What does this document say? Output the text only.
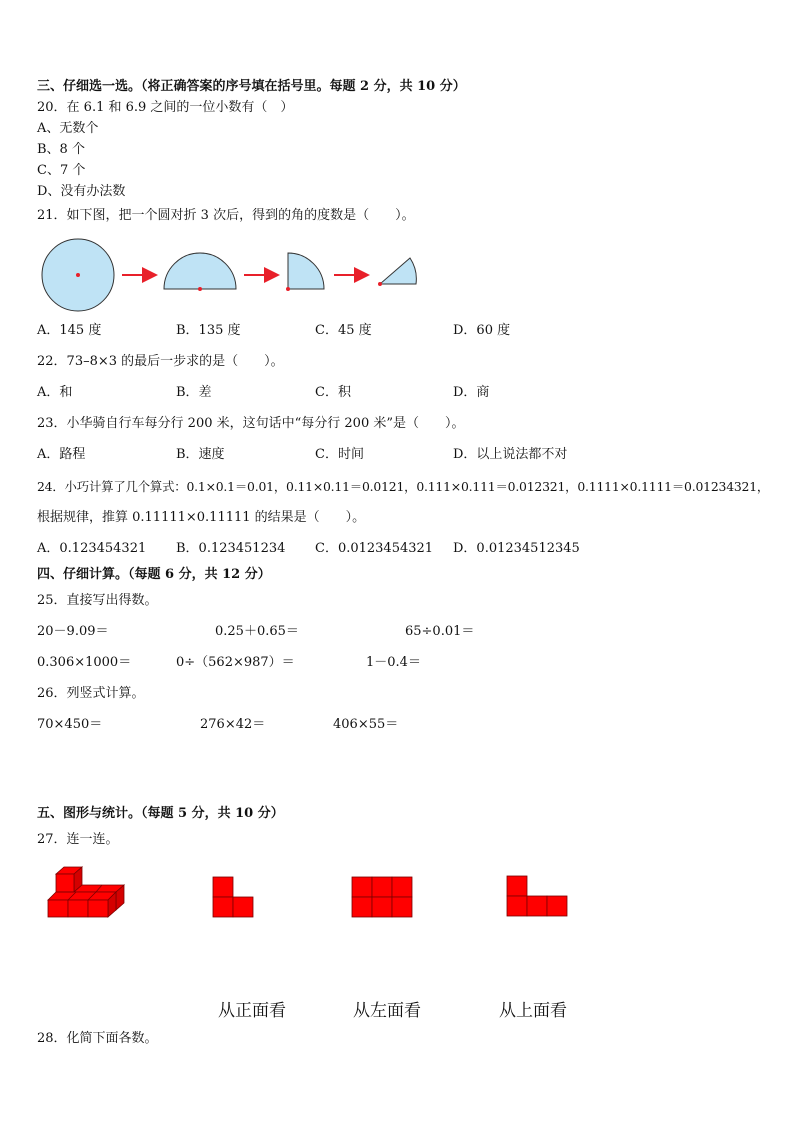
三、仔细选一选。（将正确答案的序号填在括号里。每题 2 分，共 10 分）
20．在 6.1 和 6.9 之间的一位小数有（　）
A、无数个
B、8 个
C、7 个
D、没有办法数
21．如下图，把一个圆对折 3 次后，得到的角的度数是（　　）。
A．145 度	B．135 度	C．45 度	D．60 度
22．73–8×3 的最后一步求的是（　　）。
A．和	B．差	C．积	D．商
23．小华骑自行车每分行 200 米，这句话中“每分行 200 米”是（　　）。
A．路程	B．速度	C．时间	D．以上说法都不对
24．小巧计算了几个算式：0.1×0.1＝0.01，0.11×0.11＝0.0121，0.111×0.111＝0.012321，0.1111×0.1111＝0.01234321，
根据规律，推算 0.11111×0.11111 的结果是（　　）。
A．0.123454321 B．0.123451234 C．0.0123454321 D．0.01234512345
四、仔细计算。（每题 6 分，共 12 分）
25．直接写出得数。
20－9.09＝	0.25＋0.65＝	65÷0.01＝
0.306×1000＝	0÷（562×987）＝	1－0.4＝
26．列竖式计算。
70×450＝	276×42＝	406×55＝
五、图形与统计。（每题 5 分，共 10 分）
27．连一连。
从正面看	从左面看	从上面看
28．化简下面各数。
